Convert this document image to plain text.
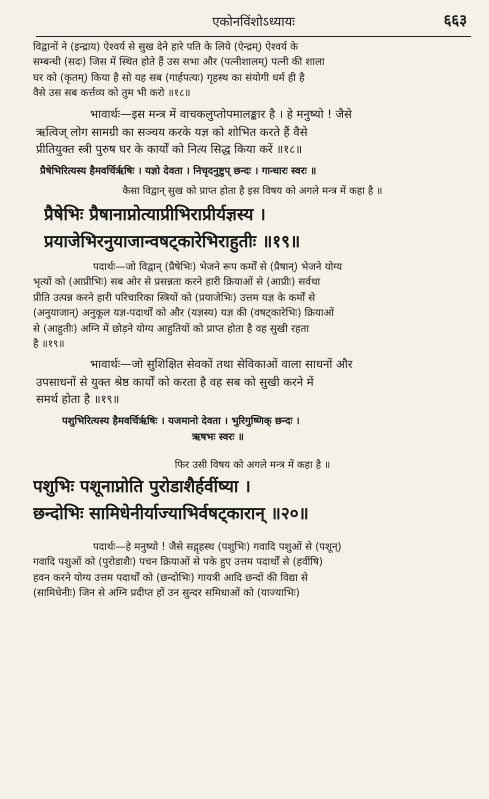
एकोनविंशोऽध्यायः	६६३
विद्वानों ने (इन्द्राय) ऐश्वर्य से सुख देने हारे पति के लिये (ऐन्द्रम्) ऐश्वर्य के
सम्बन्धी (सदः) जिस में स्थित होते हैं उस सभा और (पत्नीशालम्) पत्नी की शाला
घर को (कृतम्) किया है सो यह सब (गार्हपत्यः) गृहस्थ का संयोगी धर्म ही है
वैसे उस सब कर्त्तव्य को तुम भी करो ॥१८॥
भावार्थः—इस मन्त्र में वाचकलुप्तोपमालङ्कार है । हे मनुष्यो ! जैसे
ऋत्विज् लोग सामग्री का सञ्चय करके यज्ञ को शोभित करते हैं वैसे
प्रीतियुक्त स्त्री पुरुष घर के कार्यों को नित्य सिद्ध किया करें ॥१८॥
प्रैषेभिरित्यस्य हैमवर्चिर्ऋषिः । यज्ञो देवता । निचृदनुष्टुप् छन्दः । गान्धारः स्वरः ॥
कैसा विद्वान् सुख को प्राप्त होता है इस विषय को अगले मन्त्र में कहा है ॥
प्रैषेभिः प्रैषानाप्नोत्याप्रीभिराप्रीर्यज्ञस्य ।
प्रयाजेभिरनुयाजान्वषट्कारेभिराहुतीः ॥१९॥
पदार्थः—जो विद्वान् (प्रैषेभिः) भेजने रूप कर्मों से (प्रैषान्) भेजने योग्य
भृत्यों को (आप्रीभिः) सब ओर से प्रसन्नता करने हारी क्रियाओं से (आप्रीः) सर्वथा
प्रीति उत्पन्न करने हारी परिचारिका स्त्रियों को (प्रयाजेभिः) उत्तम यज्ञ के कर्मों से
(अनुयाजान्) अनुकूल यज्ञ-पदार्थों को और (यज्ञस्य) यज्ञ की (वषट्कारेभिः) क्रियाओं
से (आहुतीः) अग्नि में छोड़ने योग्य आहुतियों को प्राप्त होता है वह सुखी रहता
है ॥१९॥
भावार्थः—जो सुशिक्षित सेवकों तथा सेविकाओं वाला साधनों और
उपसाधनों से युक्त श्रेष्ठ कार्यों को करता है वह सब को सुखी करने में
समर्थ होता है ॥१९॥
पशुभिरित्यस्य हैमवर्चिर्ऋषिः । यजमानो देवता । भुरिगुष्णिक् छन्दः ।
ऋषभः स्वरः ॥
फिर उसी विषय को अगले मन्त्र में कहा है ॥
पशुभिः पशूनाप्नोति पुरोडाशैर्हवींष्या ।
छन्दोभिः सामिधेनीर्याज्याभिर्वषट्कारान् ॥२०॥
पदार्थः—हे मनुष्यो ! जैसे सद्गृहस्थ (पशुभिः) गवादि पशुओं से (पशून्)
गवादि पशुओं को (पुरोडाशैः) पचन क्रियाओं से पके हुए उत्तम पदार्थों से (हवींषि)
हवन करने योग्य उत्तम पदार्थों को (छन्दोभिः) गायत्री आदि छन्दों की विद्या से
(सामिधेनीः) जिन से अग्नि प्रदीप्त हों उन सुन्दर समिधाओं को (याज्याभिः)
